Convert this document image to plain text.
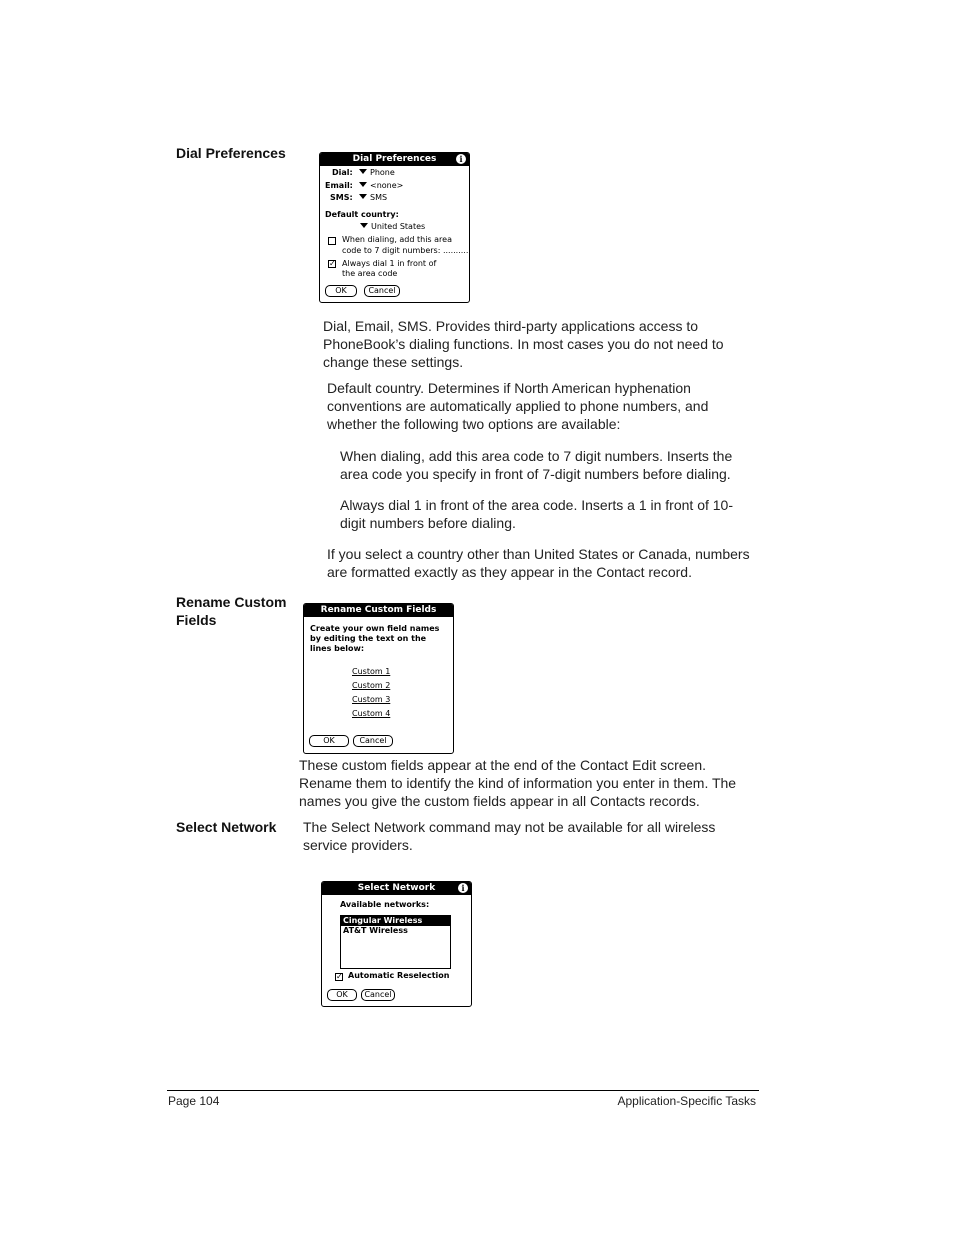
Dial Preferences	Dial Preferences	i
Dial:	Phone
Email:	<none>
SMS:	SMS
Default country:
United States
When dialing, add this area
code to 7 digit numbers: ..........
✓ Always dial 1 in front of
the area code
OK	Cancel

Dial, Email, SMS. Provides third-party applications access to PhoneBook’s dialing functions. In most cases you do not need to change these settings.

Default country. Determines if North American hyphenation conventions are automatically applied to phone numbers, and whether the following two options are available:

When dialing, add this area code to 7 digit numbers. Inserts the area code you specify in front of 7-digit numbers before dialing.

Always dial 1 in front of the area code. Inserts a 1 in front of 10-digit numbers before dialing.

If you select a country other than United States or Canada, numbers are formatted exactly as they appear in the Contact record.

Rename Custom
Fields
Rename Custom Fields
Create your own field names
by editing the text on the
lines below:
Custom 1
Custom 2
Custom 3
Custom 4
OK	Cancel

These custom fields appear at the end of the Contact Edit screen. Rename them to identify the kind of information you enter in them. The names you give the custom fields appear in all Contacts records.

Select Network The Select Network command may not be available for all wireless service providers.

Select Network	i
Available networks:
Cingular Wireless
AT&T Wireless
✓ Automatic Reselection
OK	Cancel
Page 104	Application-Specific Tasks
